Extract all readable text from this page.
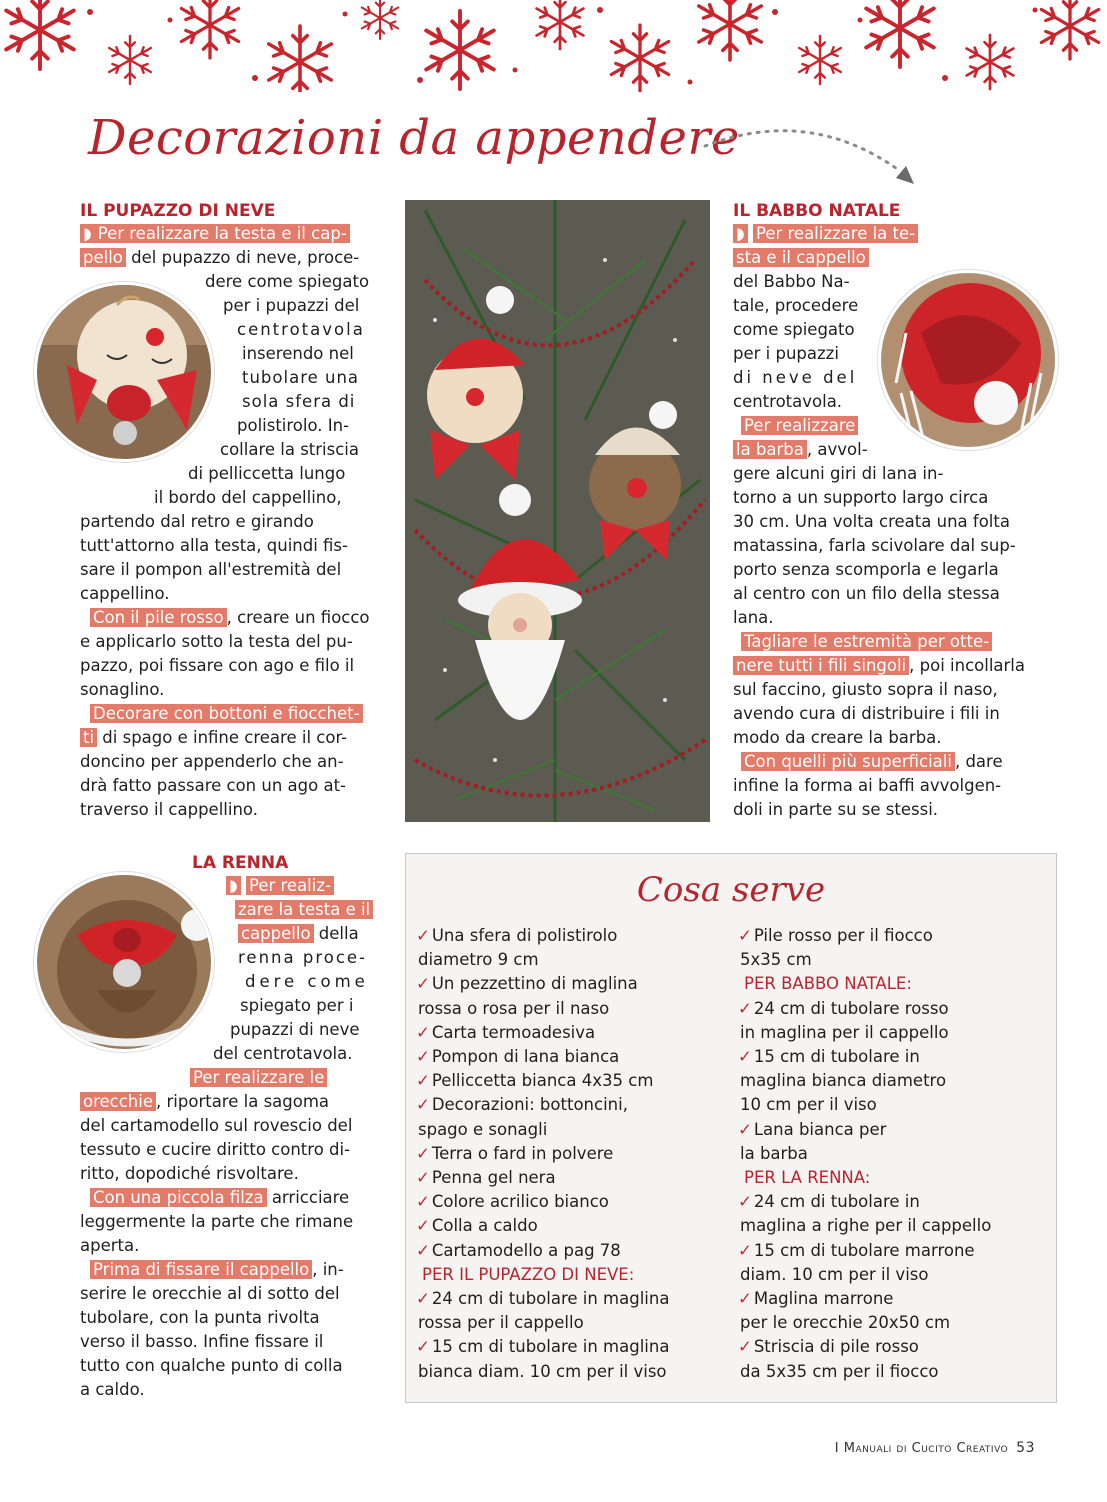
Decorazioni da appendere
IL PUPAZZO DI NEVE
◗ Per realizzare la testa e il cap-
pello del pupazzo di neve, proce-
dere come spiegato
per i pupazzi del
centrotavola
inserendo nel
tubolare una
sola sfera di
polistirolo. In-
collare la striscia
di pelliccetta lungo
il bordo del cappellino,
partendo dal retro e girando
tutt'attorno alla testa, quindi fis-
sare il pompon all'estremità del
cappellino.
Con il pile rosso , creare un fiocco
e applicarlo sotto la testa del pu-
pazzo, poi fissare con ago e filo il
sonaglino.
Decorare con bottoni e fiocchet-
ti di spago e infine creare il cor-
doncino per appenderlo che an-
drà fatto passare con un ago at-
traverso il cappellino.
IL BABBO NATALE
◗ Per realizzare la te-
sta e il cappello
del Babbo Na-
tale, procedere
come spiegato
per i pupazzi
di neve del
centrotavola.
Per realizzare
la barba , avvol-
gere alcuni giri di lana in-
torno a un supporto largo circa
30 cm. Una volta creata una folta
matassina, farla scivolare dal sup-
porto senza scomporla e legarla
al centro con un filo della stessa
lana.
Tagliare le estremità per otte-
nere tutti i fili singoli , poi incollarla
sul faccino, giusto sopra il naso,
avendo cura di distribuire i fili in
modo da creare la barba.
Con quelli più superficiali , dare
infine la forma ai baffi avvolgen-
doli in parte su se stessi.
LA RENNA
◗ Per realiz-
zare la testa e il
cappello della
renna proce-
dere come
spiegato per i
pupazzi di neve
del centrotavola.
Per realizzare le
orecchie , riportare la sagoma
del cartamodello sul rovescio del
tessuto e cucire diritto contro di-
ritto, dopodiché risvoltare.
Con una piccola filza arricciare
leggermente la parte che rimane
aperta.
Prima di fissare il cappello , in-
serire le orecchie al di sotto del
tubolare, con la punta rivolta
verso il basso. Infine fissare il
tutto con qualche punto di colla
a caldo.
Cosa serve
✓ Una sfera di polistirolo
diametro 9 cm
✓ Un pezzettino di maglina
rossa o rosa per il naso
✓ Carta termoadesiva
✓ Pompon di lana bianca
✓ Pelliccetta bianca 4x35 cm
✓ Decorazioni: bottoncini,
spago e sonagli
✓ Terra o fard in polvere
✓ Penna gel nera
✓ Colore acrilico bianco
✓ Colla a caldo
✓ Cartamodello a pag 78
PER IL PUPAZZO DI NEVE:
✓ 24 cm di tubolare in maglina
rossa per il cappello
✓ 15 cm di tubolare in maglina
bianca diam. 10 cm per il viso
✓ Pile rosso per il fiocco
5x35 cm
PER BABBO NATALE:
✓ 24 cm di tubolare rosso
in maglina per il cappello
✓ 15 cm di tubolare in
maglina bianca diametro
10 cm per il viso
✓ Lana bianca per
la barba
PER LA RENNA:
✓ 24 cm di tubolare in
maglina a righe per il cappello
✓ 15 cm di tubolare marrone
diam. 10 cm per il viso
✓ Maglina marrone
per le orecchie 20x50 cm
✓ Striscia di pile rosso
da 5x35 cm per il fiocco
I Manuali di Cucito Creativo 53
